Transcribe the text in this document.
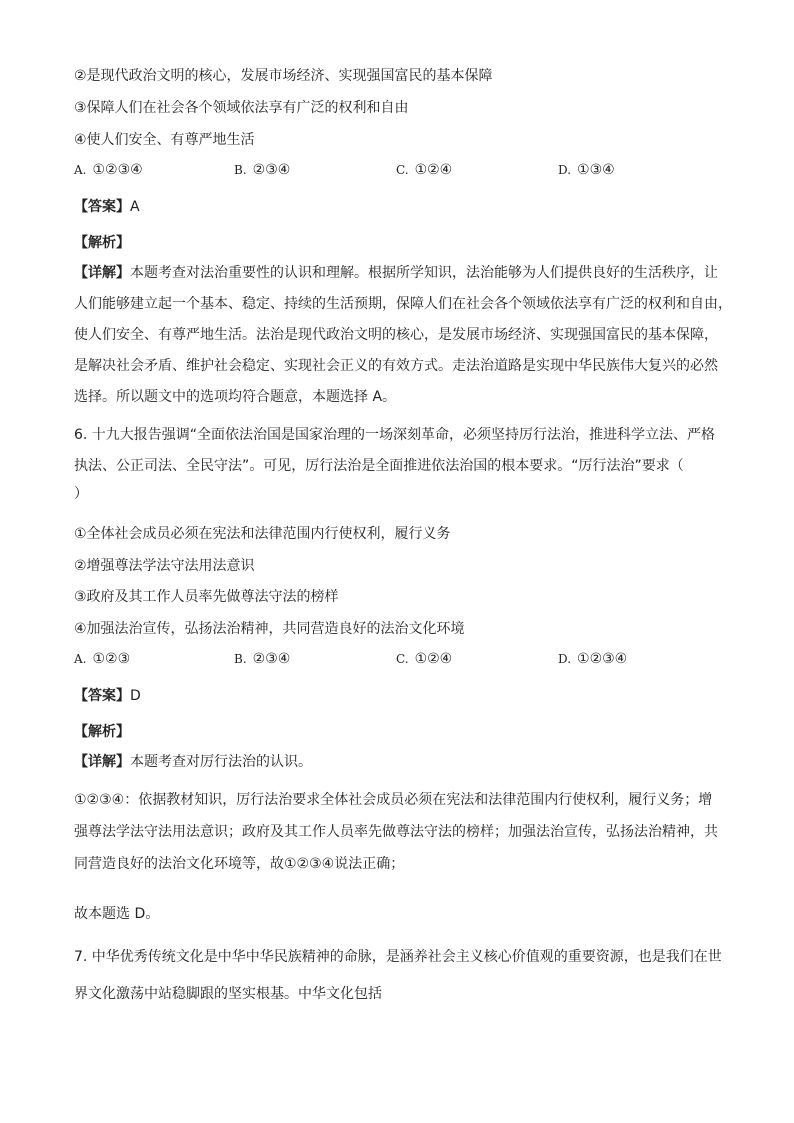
②是现代政治文明的核心，发展市场经济、实现强国富民的基本保障
③保障人们在社会各个领域依法享有广泛的权利和自由
④使人们安全、有尊严地生活
A. ①②③④	B. ②③④	C. ①②④	D. ①③④
【答案】A
【解析】
【详解】本题考查对法治重要性的认识和理解。根据所学知识，法治能够为人们提供良好的生活秩序，让
人们能够建立起一个基本、稳定、持续的生活预期，保障人们在社会各个领域依法享有广泛的权利和自由，
使人们安全、有尊严地生活。法治是现代政治文明的核心，是发展市场经济、实现强国富民的基本保障，
是解决社会矛盾、维护社会稳定、实现社会正义的有效方式。走法治道路是实现中华民族伟大复兴的必然
选择。所以题文中的选项均符合题意，本题选择 A。
6. 十九大报告强调“全面依法治国是国家治理的一场深刻革命，必须坚持厉行法治，推进科学立法、严格
执法、公正司法、全民守法”。可见，厉行法治是全面推进依法治国的根本要求。“厉行法治”要求（
）
①全体社会成员必须在宪法和法律范围内行使权利，履行义务
②增强尊法学法守法用法意识
③政府及其工作人员率先做尊法守法的榜样
④加强法治宣传，弘扬法治精神，共同营造良好的法治文化环境
A. ①②③	B. ②③④	C. ①②④	D. ①②③④
【答案】D
【解析】
【详解】本题考查对厉行法治的认识。
①②③④：依据教材知识，厉行法治要求全体社会成员必须在宪法和法律范围内行使权利，履行义务；增
强尊法学法守法用法意识；政府及其工作人员率先做尊法守法的榜样；加强法治宣传，弘扬法治精神，共
同营造良好的法治文化环境等，故①②③④说法正确；
故本题选 D。
7. 中华优秀传统文化是中华中华民族精神的命脉，是涵养社会主义核心价值观的重要资源，也是我们在世
界文化激荡中站稳脚跟的坚实根基。中华文化包括
